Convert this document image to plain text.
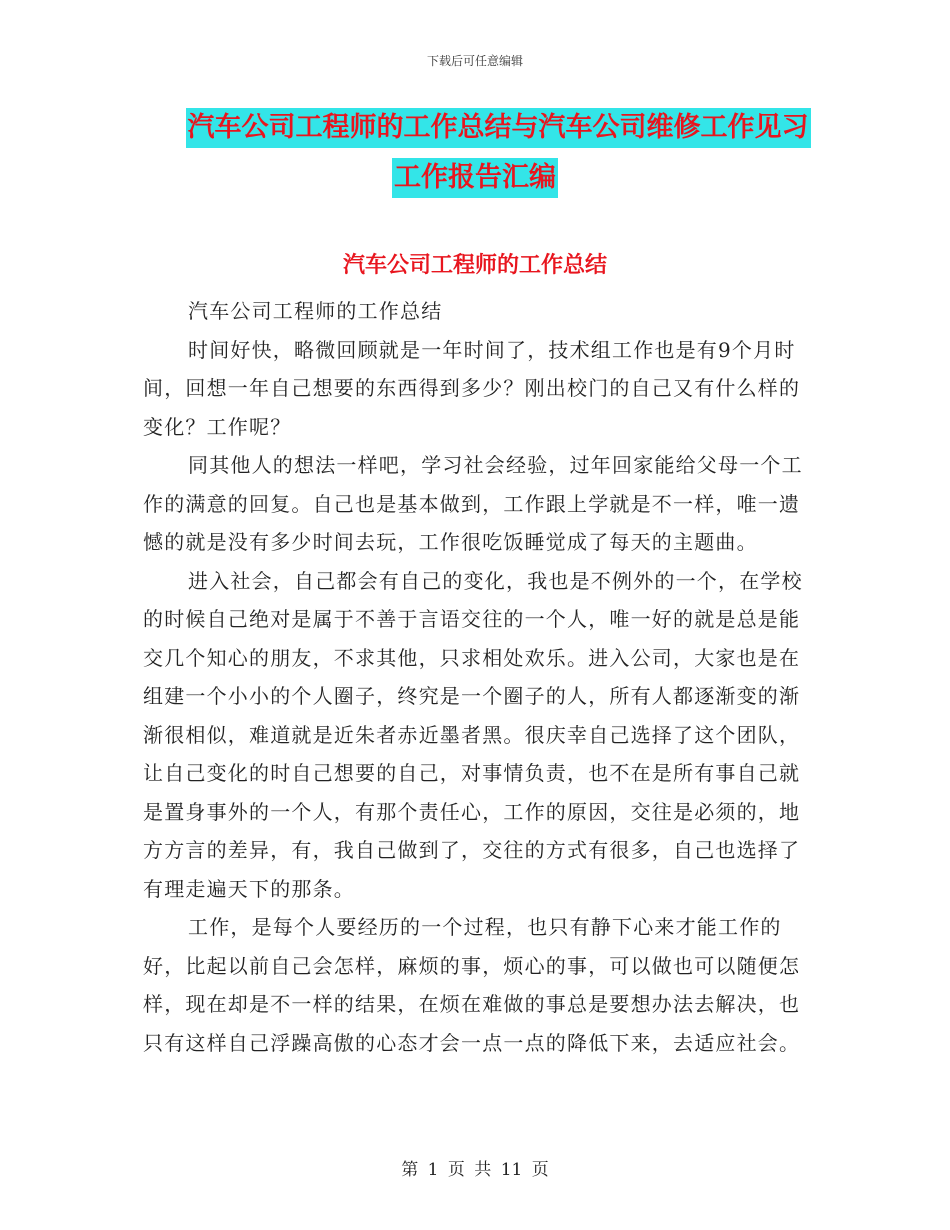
下载后可任意编辑
汽车公司工程师的工作总结与汽车公司维修工作见习
工作报告汇编
汽车公司工程师的工作总结

汽车公司工程师的工作总结

时间好快，略微回顾就是一年时间了，技术组工作也是有9个月时间，回想一年自己想要的东西得到多少？刚出校门的自己又有什么样的变化？工作呢？

同其他人的想法一样吧，学习社会经验，过年回家能给父母一个工作的满意的回复。自己也是基本做到，工作跟上学就是不一样，唯一遗憾的就是没有多少时间去玩，工作很吃饭睡觉成了每天的主题曲。

进入社会，自己都会有自己的变化，我也是不例外的一个，在学校的时候自己绝对是属于不善于言语交往的一个人，唯一好的就是总是能交几个知心的朋友，不求其他，只求相处欢乐。进入公司，大家也是在组建一个小小的个人圈子，终究是一个圈子的人，所有人都逐渐变的渐渐很相似，难道就是近朱者赤近墨者黑。很庆幸自己选择了这个团队，让自己变化的时自己想要的自己，对事情负责，也不在是所有事自己就是置身事外的一个人，有那个责任心，工作的原因，交往是必须的，地方方言的差异，有，我自己做到了，交往的方式有很多，自己也选择了有理走遍天下的那条。

工作，是每个人要经历的一个过程，也只有静下心来才能工作的好，比起以前自己会怎样，麻烦的事，烦心的事，可以做也可以随便怎样，现在却是不一样的结果，在烦在难做的事总是要想办法去解决，也只有这样自己浮躁高傲的心态才会一点一点的降低下来，去适应社会。

第 1 页 共 11 页
